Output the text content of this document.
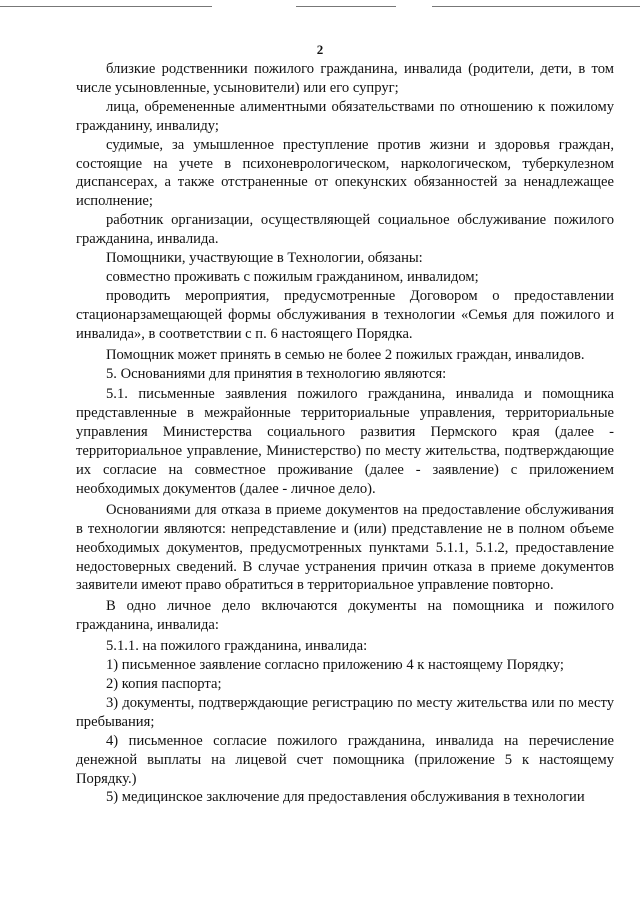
2

близкие родственники пожилого гражданина, инвалида (родители, дети, в том числе усыновленные, усыновители) или его супруг;

лица, обремененные алиментными обязательствами по отношению к пожилому гражданину, инвалиду;

судимые, за умышленное преступление против жизни и здоровья граждан, состоящие на учете в психоневрологическом, наркологическом, туберкулезном диспансерах, а также отстраненные от опекунских обязанностей за ненадлежащее исполнение;

работник организации, осуществляющей социальное обслуживание пожилого гражданина, инвалида.

Помощники, участвующие в Технологии, обязаны:

совместно проживать с пожилым гражданином, инвалидом;

проводить мероприятия, предусмотренные Договором о предоставлении стационарзамещающей формы обслуживания в технологии «Семья для пожилого и инвалида», в соответствии с п. 6 настоящего Порядка.

Помощник может принять в семью не более 2 пожилых граждан, инвалидов.

5. Основаниями для принятия в технологию являются:

5.1. письменные заявления пожилого гражданина, инвалида и помощника представленные в межрайонные территориальные управления, территориальные управления Министерства социального развития Пермского края (далее - территориальное управление, Министерство) по месту жительства, подтверждающие их согласие на совместное проживание (далее - заявление) с приложением необходимых документов (далее - личное дело).

Основаниями для отказа в приеме документов на предоставление обслуживания в технологии являются: непредставление и (или) представление не в полном объеме необходимых документов, предусмотренных пунктами 5.1.1, 5.1.2, предоставление недостоверных сведений. В случае устранения причин отказа в приеме документов заявители имеют право обратиться в территориальное управление повторно.

В одно личное дело включаются документы на помощника и пожилого гражданина, инвалида:

5.1.1. на пожилого гражданина, инвалида:

1) письменное заявление согласно приложению 4 к настоящему Порядку;

2) копия паспорта;

3) документы, подтверждающие регистрацию по месту жительства или по месту пребывания;

4) письменное согласие пожилого гражданина, инвалида на перечисление денежной выплаты на лицевой счет помощника (приложение 5 к настоящему Порядку.)

5) медицинское заключение для предоставления обслуживания в технологии
